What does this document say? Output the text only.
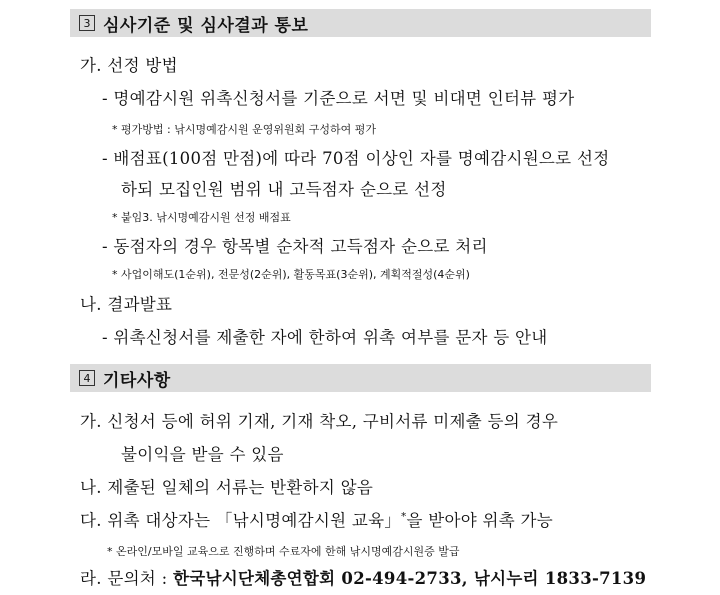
3 심사기준 및 심사결과 통보
가. 선정 방법
- 명예감시원 위촉신청서를 기준으로 서면 및 비대면 인터뷰 평가
* 평가방법 : 낚시명예감시원 운영위원회 구성하여 평가
- 배점표(100점 만점)에 따라 70점 이상인 자를 명예감시원으로 선정
하되 모집인원 범위 내 고득점자 순으로 선정
* 붙임3. 낚시명예감시원 선정 배점표
- 동점자의 경우 항목별 순차적 고득점자 순으로 처리
* 사업이해도(1순위), 전문성(2순위), 활동목표(3순위), 계획적절성(4순위)
나. 결과발표
- 위촉신청서를 제출한 자에 한하여 위촉 여부를 문자 등 안내
4 기타사항
가. 신청서 등에 허위 기재, 기재 착오, 구비서류 미제출 등의 경우
불이익을 받을 수 있음
나. 제출된 일체의 서류는 반환하지 않음
다. 위촉 대상자는 「낚시명예감시원 교육」*을 받아야 위촉 가능
* 온라인/모바일 교육으로 진행하며 수료자에 한해 낚시명예감시원증 발급
라. 문의처 : 한국낚시단체총연합회 02-494-2733, 낚시누리 1833-7139
